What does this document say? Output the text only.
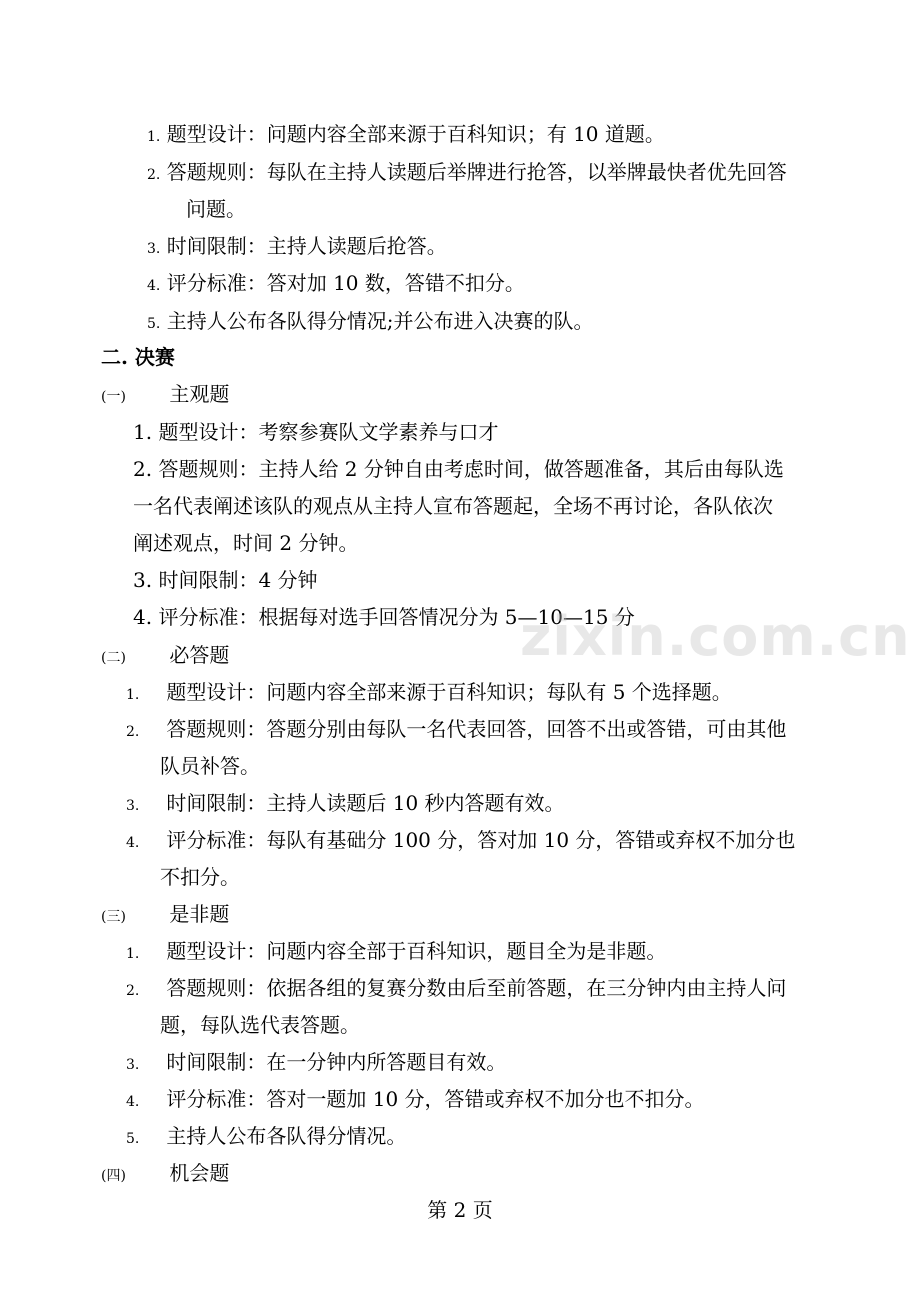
1. 题型设计：问题内容全部来源于百科知识；有 10 道题。
2. 答题规则：每队在主持人读题后举牌进行抢答，以举牌最快者优先回答
问题。
3. 时间限制：主持人读题后抢答。
4. 评分标准：答对加 10 数，答错不扣分。
5. 主持人公布各队得分情况;并公布进入决赛的队。
二. 决赛
(一) 主观题
1. 题型设计：考察参赛队文学素养与口才
2. 答题规则：主持人给 2 分钟自由考虑时间，做答题准备，其后由每队选
一名代表阐述该队的观点从主持人宣布答题起，全场不再讨论，各队依次
阐述观点，时间 2 分钟。
3. 时间限制：4 分钟
4. 评分标准：根据每对选手回答情况分为 5—10—15 分
(二) 必答题
1. 题型设计：问题内容全部来源于百科知识；每队有 5 个选择题。
2. 答题规则：答题分别由每队一名代表回答，回答不出或答错，可由其他
队员补答。
3. 时间限制：主持人读题后 10 秒内答题有效。
4. 评分标准：每队有基础分 100 分，答对加 10 分，答错或弃权不加分也
不扣分。
(三) 是非题
1. 题型设计：问题内容全部于百科知识，题目全为是非题。
2. 答题规则：依据各组的复赛分数由后至前答题，在三分钟内由主持人问
题，每队选代表答题。
3. 时间限制：在一分钟内所答题目有效。
4. 评分标准：答对一题加 10 分，答错或弃权不加分也不扣分。
5. 主持人公布各队得分情况。
(四) 机会题
zixin.com.cn
第 2 页
